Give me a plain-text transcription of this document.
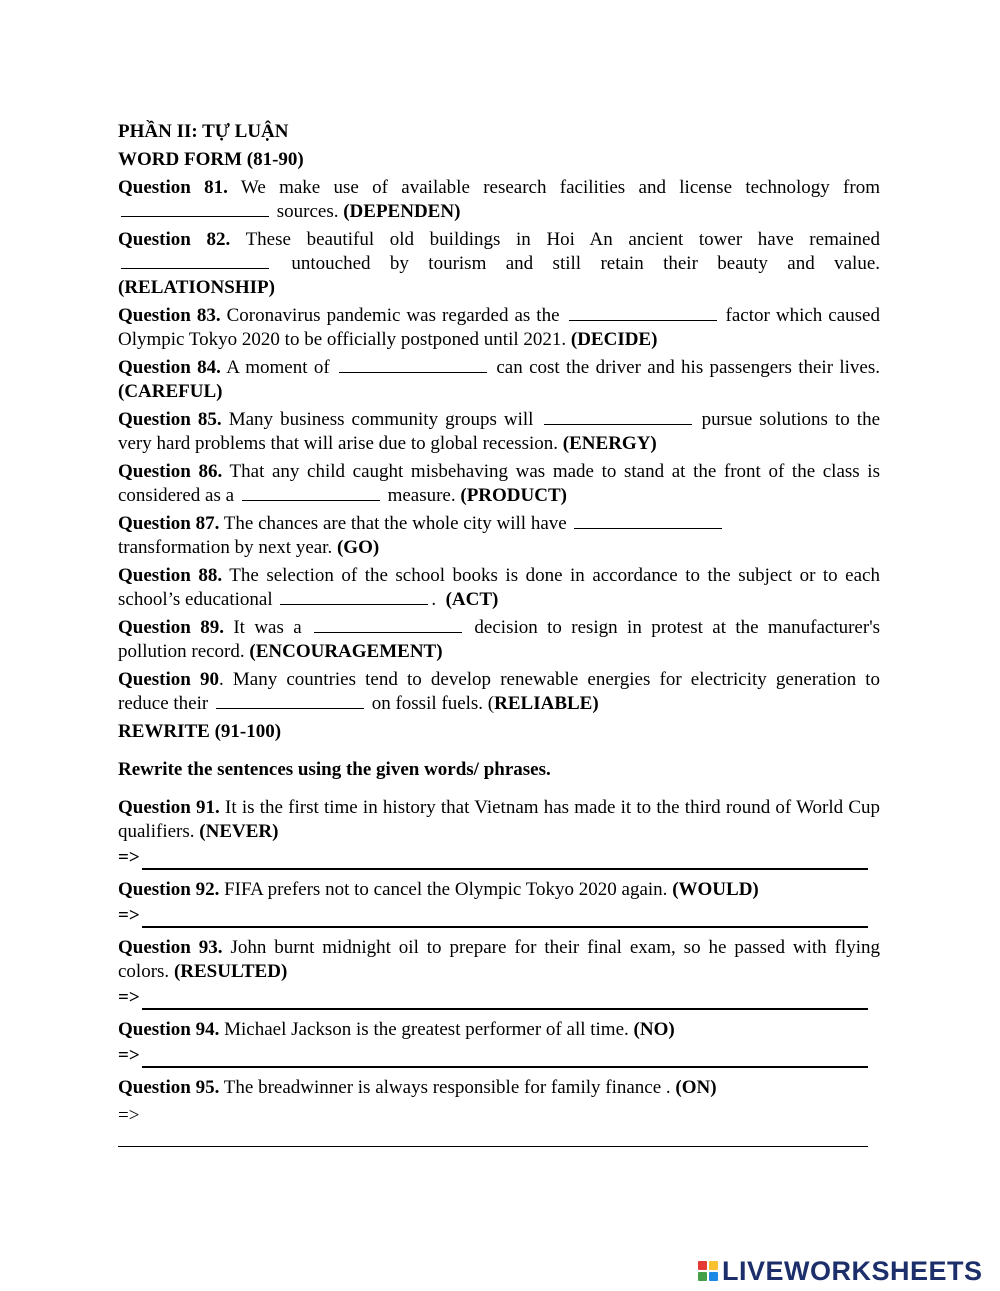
PHẦN II: TỰ LUẬN
WORD FORM (81-90)
Question 81. We make use of available research facilities and license technology from  sources. (DEPENDEN)
Question 82. These beautiful old buildings in Hoi An ancient tower have remained  untouched by tourism and still retain their beauty and value. (RELATIONSHIP)
Question 83. Coronavirus pandemic was regarded as the	factor which caused Olympic Tokyo 2020 to be officially postponed until 2021. (DECIDE)
Question 84. A moment of	can cost the driver and his passengers their lives. (CAREFUL)
Question 85. Many business community groups will	pursue solutions to the very hard problems that will arise due to global recession. (ENERGY)
Question 86. That any child caught misbehaving was made to stand at the front of the class is considered as a	measure. (PRODUCT)
Question 87. The chances are that the whole city will have
transformation by next year. (GO)
Question 88. The selection of the school books is done in accordance to the subject or to each school’s educational	. (ACT)
Question 89. It was a	decision to resign in protest at the manufacturer's pollution record. (ENCOURAGEMENT)
Question 90. Many countries tend to develop renewable energies for electricity generation to reduce their	on fossil fuels. (RELIABLE)
REWRITE (91-100)
Rewrite the sentences using the given words/ phrases.
Question 91. It is the first time in history that Vietnam has made it to the third round of World Cup qualifiers. (NEVER)
=>
Question 92. FIFA prefers not to cancel the Olympic Tokyo 2020 again. (WOULD)
=>
Question 93. John burnt midnight oil to prepare for their final exam, so he passed with flying colors. (RESULTED)
=>
Question 94. Michael Jackson is the greatest performer of all time. (NO)
=>
Question 95. The breadwinner is always responsible for family finance . (ON)
=>
LIVEWORKSHEETS
